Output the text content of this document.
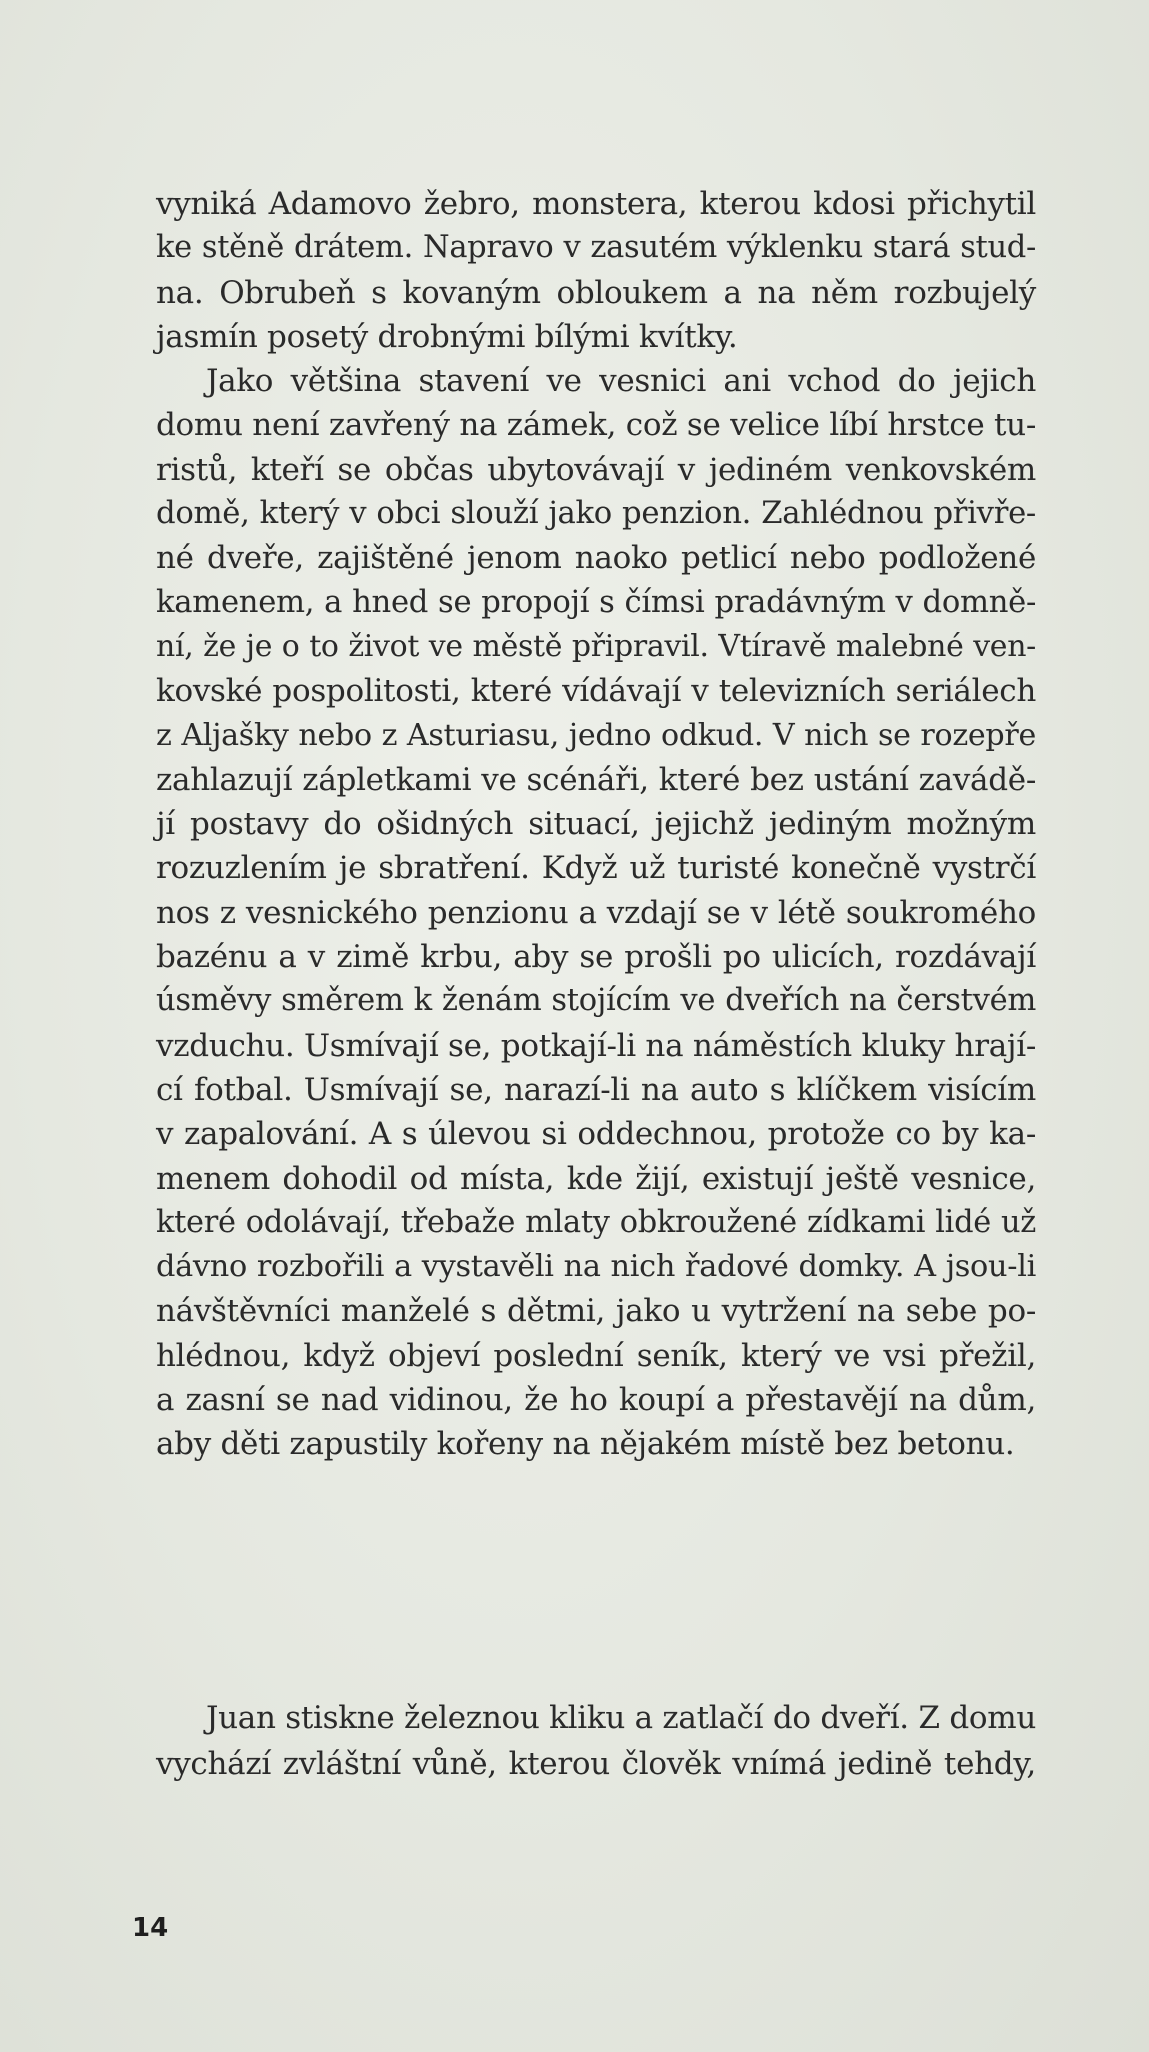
vyniká Adamovo žebro, monstera, kterou kdosi přichytil
ke stěně drátem. Napravo v zasutém výklenku stará stud-
na. Obrubeň s kovaným obloukem a na něm rozbujelý
jasmín posetý drobnými bílými kvítky.
Jako většina stavení ve vesnici ani vchod do jejich
domu není zavřený na zámek, což se velice líbí hrstce tu-
ristů, kteří se občas ubytovávají v jediném venkovském
domě, který v obci slouží jako penzion. Zahlédnou přivře-
né dveře, zajištěné jenom naoko petlicí nebo podložené
kamenem, a hned se propojí s čímsi pradávným v domně-
ní, že je o to život ve městě připravil. Vtíravě malebné ven-
kovské pospolitosti, které vídávají v televizních seriálech
z Aljašky nebo z Asturiasu, jedno odkud. V nich se rozepře
zahlazují zápletkami ve scénáři, které bez ustání zavádě-
jí postavy do ošidných situací, jejichž jediným možným
rozuzlením je sbratření. Když už turisté konečně vystrčí
nos z vesnického penzionu a vzdají se v létě soukromého
bazénu a v zimě krbu, aby se prošli po ulicích, rozdávají
úsměvy směrem k ženám stojícím ve dveřích na čerstvém
vzduchu. Usmívají se, potkají-li na náměstích kluky hrají-
cí fotbal. Usmívají se, narazí-li na auto s klíčkem visícím
v zapalování. A s úlevou si oddechnou, protože co by ka-
menem dohodil od místa, kde žijí, existují ještě vesnice,
které odolávají, třebaže mlaty obkroužené zídkami lidé už
dávno rozbořili a vystavěli na nich řadové domky. A jsou-li
návštěvníci manželé s dětmi, jako u vytržení na sebe po-
hlédnou, když objeví poslední seník, který ve vsi přežil,
a zasní se nad vidinou, že ho koupí a přestavějí na dům,
aby děti zapustily kořeny na nějakém místě bez betonu.
Juan stiskne železnou kliku a zatlačí do dveří. Z domu
vychází zvláštní vůně, kterou člověk vnímá jedině tehdy,
14
